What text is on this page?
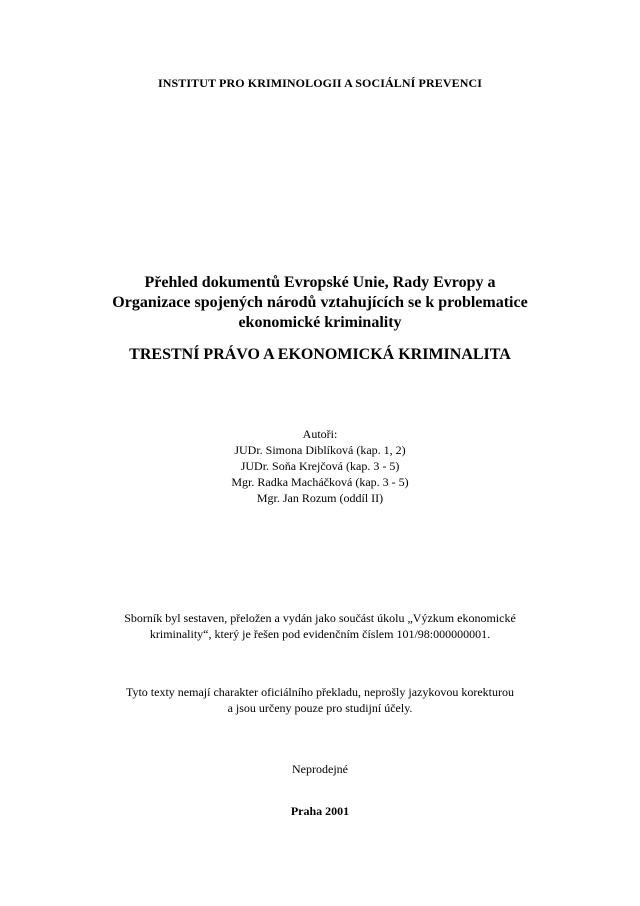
INSTITUT PRO KRIMINOLOGII A SOCIÁLNÍ PREVENCI
Přehled dokumentů Evropské Unie, Rady Evropy a
Organizace spojených národů vztahujících se k problematice
ekonomické kriminality
TRESTNÍ PRÁVO A EKONOMICKÁ KRIMINALITA
Autoři:
JUDr. Simona Diblíková (kap. 1, 2)
JUDr. Soňa Krejčová (kap. 3 - 5)
Mgr. Radka Macháčková (kap. 3 - 5)
Mgr. Jan Rozum (oddíl II)
Sborník byl sestaven, přeložen a vydán jako součást úkolu „Výzkum ekonomické
kriminality“, který je řešen pod evidenčním číslem 101/98:000000001.
Tyto texty nemají charakter oficiálního překladu, neprošly jazykovou korekturou
a jsou určeny pouze pro studijní účely.
Neprodejné
Praha 2001
